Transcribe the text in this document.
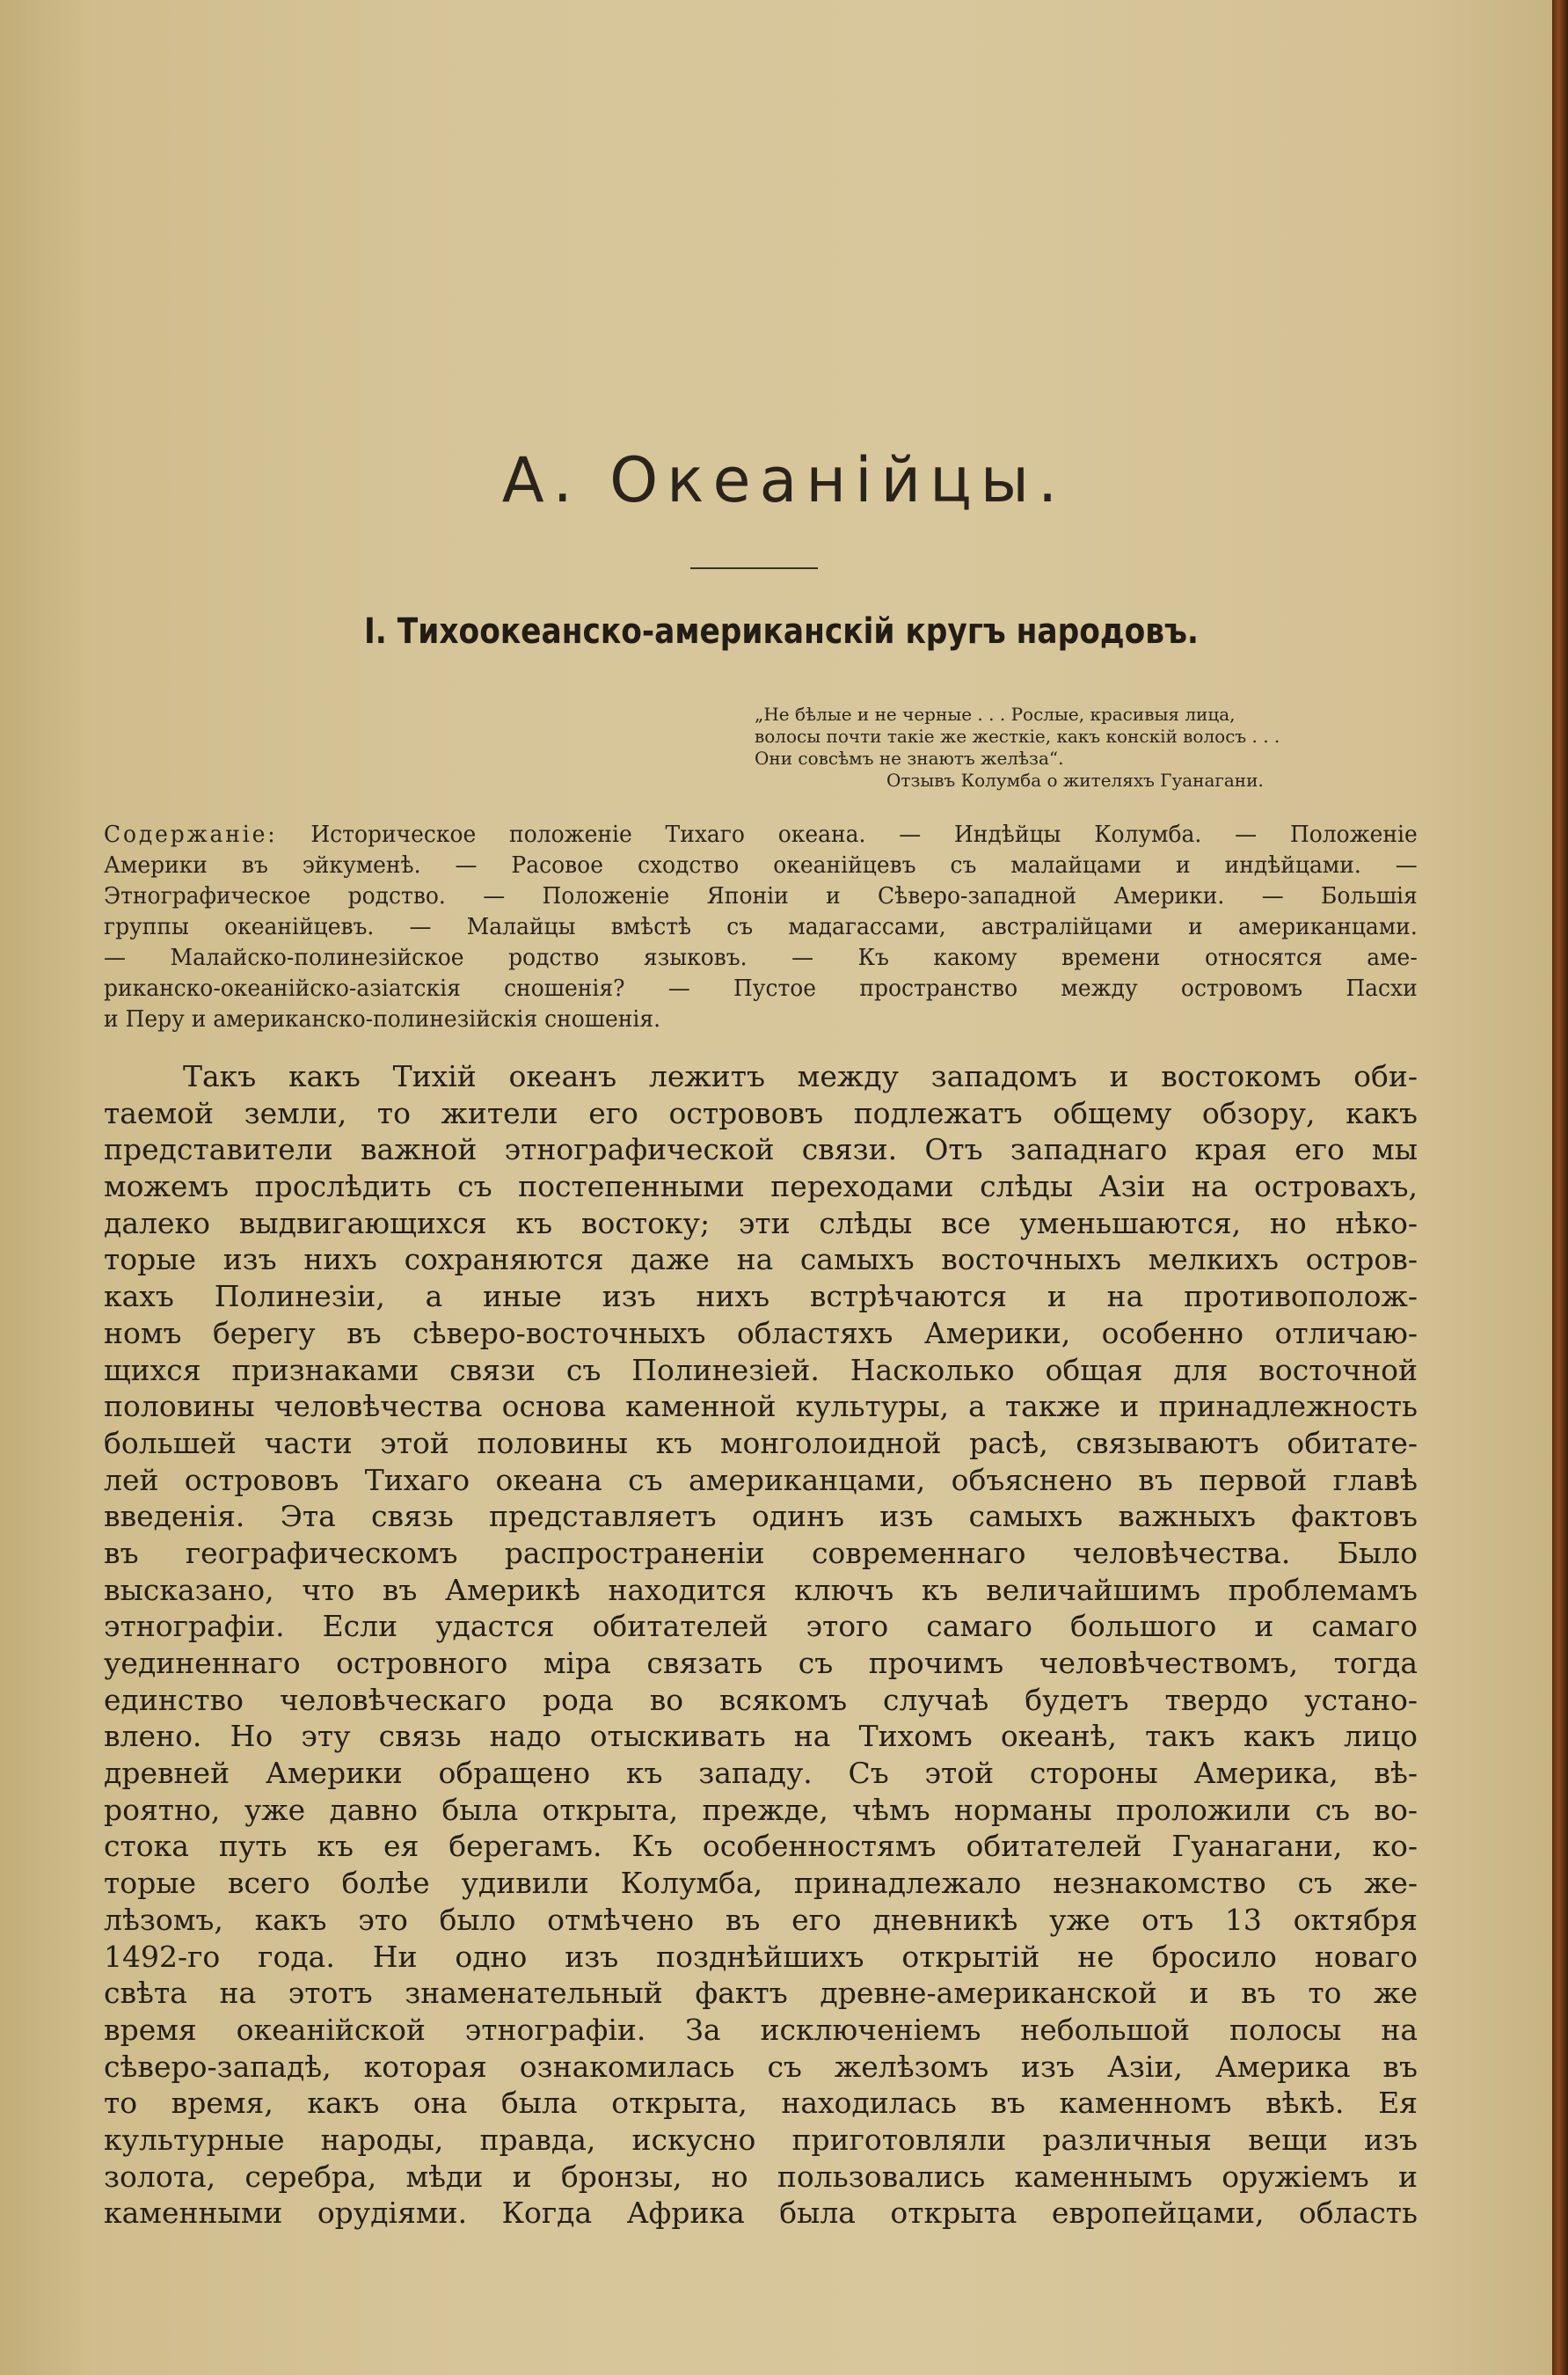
А. Океанійцы.
I. Тихоокеанско-американскій кругъ народовъ.
„Не бѣлые и не черные . . . Рослые, красивыя лица,
волосы почти такіе же жесткіе, какъ конскій волосъ . . .
Они совсѣмъ не знаютъ желѣза“.
Отзывъ Колумба о жителяхъ Гуанагани.
Содержаніе: Историческое положеніе Тихаго океана. — Индѣйцы Колумба. — Положеніе
Америки въ эйкуменѣ. — Расовое сходство океанійцевъ съ малайцами и индѣйцами. —
Этнографическое родство. — Положеніе Японіи и Сѣверо-западной Америки. — Большія
группы океанійцевъ. — Малайцы вмѣстѣ съ мадагассами, австралійцами и американцами.
— Малайско-полинезійское родство языковъ. — Къ какому времени относятся аме-
риканско-океанійско-азіатскія сношенія? — Пустое пространство между островомъ Пасхи
и Перу и американско-полинезійскія сношенія.
Такъ какъ Тихій океанъ лежитъ между западомъ и востокомъ оби-
таемой земли, то жители его острововъ подлежатъ общему обзору, какъ
представители важной этнографической связи. Отъ западнаго края его мы
можемъ прослѣдить съ постепенными переходами слѣды Азіи на островахъ,
далеко выдвигающихся къ востоку; эти слѣды все уменьшаются, но нѣко-
торые изъ нихъ сохраняются даже на самыхъ восточныхъ мелкихъ остров-
кахъ Полинезіи, а иные изъ нихъ встрѣчаются и на противополож-
номъ берегу въ сѣверо-восточныхъ областяхъ Америки, особенно отличаю-
щихся признаками связи съ Полинезіей. Насколько общая для восточной
половины человѣчества основа каменной культуры, а также и принадлежность
большей части этой половины къ монголоидной расѣ, связываютъ обитате-
лей острововъ Тихаго океана съ американцами, объяснено въ первой главѣ
введенія. Эта связь представляетъ одинъ изъ самыхъ важныхъ фактовъ
въ географическомъ распространеніи современнаго человѣчества. Было
высказано, что въ Америкѣ находится ключъ къ величайшимъ проблемамъ
этнографіи. Если удастся обитателей этого самаго большого и самаго
уединеннаго островного міра связать съ прочимъ человѣчествомъ, тогда
единство человѣческаго рода во всякомъ случаѣ будетъ твердо устано-
влено. Но эту связь надо отыскивать на Тихомъ океанѣ, такъ какъ лицо
древней Америки обращено къ западу. Съ этой стороны Америка, вѣ-
роятно, уже давно была открыта, прежде, чѣмъ норманы проложили съ во-
стока путь къ ея берегамъ. Къ особенностямъ обитателей Гуанагани, ко-
торые всего болѣе удивили Колумба, принадлежало незнакомство съ же-
лѣзомъ, какъ это было отмѣчено въ его дневникѣ уже отъ 13 октября
1492-го года. Ни одно изъ позднѣйшихъ открытій не бросило новаго
свѣта на этотъ знаменательный фактъ древне-американской и въ то же
время океанійской этнографіи. За исключеніемъ небольшой полосы на
сѣверо-западѣ, которая ознакомилась съ желѣзомъ изъ Азіи, Америка въ
то время, какъ она была открыта, находилась въ каменномъ вѣкѣ. Ея
культурные народы, правда, искусно приготовляли различныя вещи изъ
золота, серебра, мѣди и бронзы, но пользовались каменнымъ оружіемъ и
каменными орудіями. Когда Африка была открыта европейцами, область
